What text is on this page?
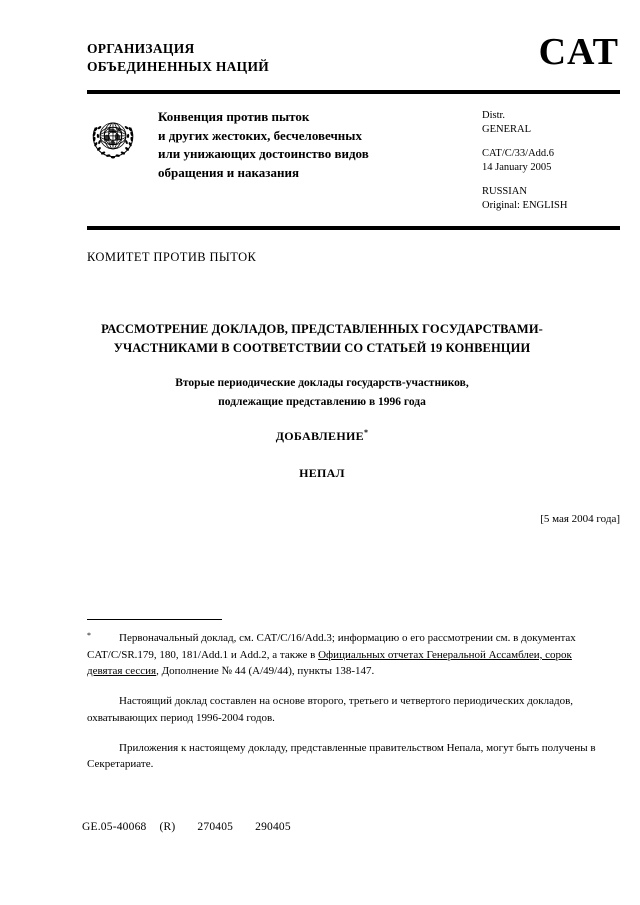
ОРГАНИЗАЦИЯ
ОБЪЕДИНЕННЫХ НАЦИЙ	CAT
Конвенция против пыток
и других жестоких, бесчеловечных
или унижающих достоинство видов
обращения и наказания
Distr.
GENERAL
CAT/C/33/Add.6
14 January 2005
RUSSIAN
Original: ENGLISH
КОМИТЕТ ПРОТИВ ПЫТОК
РАССМОТРЕНИЕ ДОКЛАДОВ, ПРЕДСТАВЛЕННЫХ ГОСУДАРСТВАМИ-
УЧАСТНИКАМИ В СООТВЕТСТВИИ СО СТАТЬЕЙ 19 КОНВЕНЦИИ
Вторые периодические доклады государств-участников,
подлежащие представлению в 1996 года
ДОБАВЛЕНИЕ*
НЕПАЛ
[5 мая 2004 года]
*	Первоначальный доклад, см. CAT/C/16/Add.3; информацию о его рассмотрении см. в документах CAT/C/SR.179, 180, 181/Add.1 и Add.2, а также в Официальных отчетах Генеральной Ассамблеи, сорок девятая сессия, Дополнение № 44 (A/49/44), пункты 138-147.
Настоящий доклад составлен на основе второго, третьего и четвертого периодических докладов, охватывающих период 1996-2004 годов.
Приложения к настоящему докладу, представленные правительством Непала, могут быть получены в Секретариате.
GE.05-40068 (R) 270405 290405
